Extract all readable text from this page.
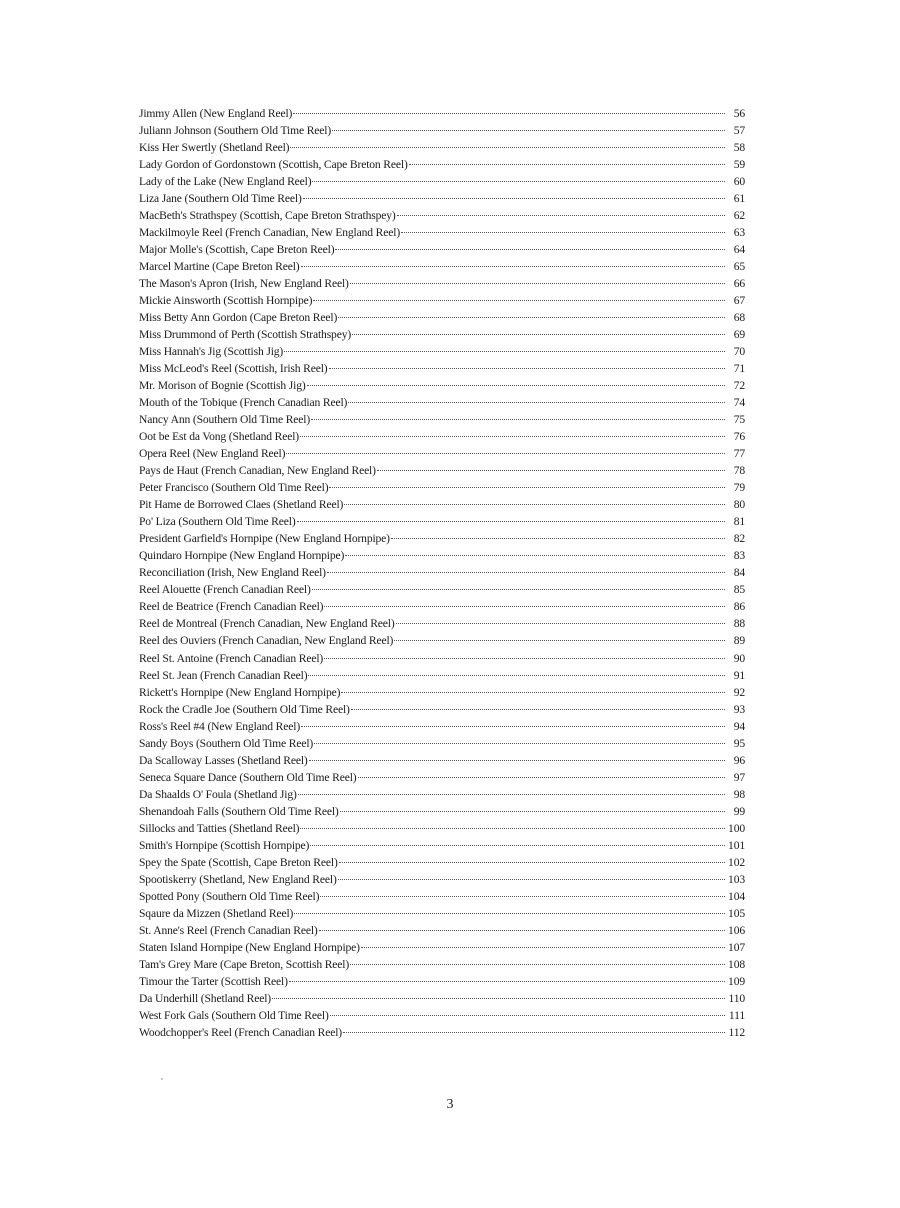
Jimmy Allen (New England Reel)	56
Juliann Johnson (Southern Old Time Reel)	57
Kiss Her Swertly (Shetland Reel)	58
Lady Gordon of Gordonstown (Scottish, Cape Breton Reel)	59
Lady of the Lake (New England Reel)	60
Liza Jane (Southern Old Time Reel)	61
MacBeth's Strathspey (Scottish, Cape Breton Strathspey)	62
Mackilmoyle Reel (French Canadian, New England Reel)	63
Major Molle's (Scottish, Cape Breton Reel)	64
Marcel Martine (Cape Breton Reel)	65
The Mason's Apron (Irish, New England Reel)	66
Mickie Ainsworth (Scottish Hornpipe)	67
Miss Betty Ann Gordon (Cape Breton Reel)	68
Miss Drummond of Perth (Scottish Strathspey)	69
Miss Hannah's Jig (Scottish Jig)	70
Miss McLeod's Reel (Scottish, Irish Reel)	71
Mr. Morison of Bognie (Scottish Jig)	72
Mouth of the Tobique (French Canadian Reel)	74
Nancy Ann (Southern Old Time Reel)	75
Oot be Est da Vong (Shetland Reel)	76
Opera Reel (New England Reel)	77
Pays de Haut (French Canadian, New England Reel)	78
Peter Francisco (Southern Old Time Reel)	79
Pit Hame de Borrowed Claes (Shetland Reel)	80
Po' Liza (Southern Old Time Reel)	81
President Garfield's Hornpipe (New England Hornpipe)	82
Quindaro Hornpipe (New England Hornpipe)	83
Reconciliation (Irish, New England Reel)	84
Reel Alouette (French Canadian Reel)	85
Reel de Beatrice (French Canadian Reel)	86
Reel de Montreal (French Canadian, New England Reel)	88
Reel des Ouviers (French Canadian, New England Reel)	89
Reel St. Antoine (French Canadian Reel)	90
Reel St. Jean (French Canadian Reel)	91
Rickett's Hornpipe (New England Hornpipe)	92
Rock the Cradle Joe (Southern Old Time Reel)	93
Ross's Reel #4 (New England Reel)	94
Sandy Boys (Southern Old Time Reel)	95
Da Scalloway Lasses (Shetland Reel)	96
Seneca Square Dance (Southern Old Time Reel)	97
Da Shaalds O' Foula (Shetland Jig)	98
Shenandoah Falls (Southern Old Time Reel)	99
Sillocks and Tatties (Shetland Reel)	100
Smith's Hornpipe (Scottish Hornpipe)	101
Spey the Spate (Scottish, Cape Breton Reel)	102
Spootiskerry (Shetland, New England Reel)	103
Spotted Pony (Southern Old Time Reel)	104
Sqaure da Mizzen (Shetland Reel)	105
St. Anne's Reel (French Canadian Reel)	106
Staten Island Hornpipe (New England Hornpipe)	107
Tam's Grey Mare (Cape Breton, Scottish Reel)	108
Timour the Tarter (Scottish Reel)	109
Da Underhill (Shetland Reel)	110
West Fork Gals (Southern Old Time Reel)	111
Woodchopper's Reel (French Canadian Reel)	112
3
